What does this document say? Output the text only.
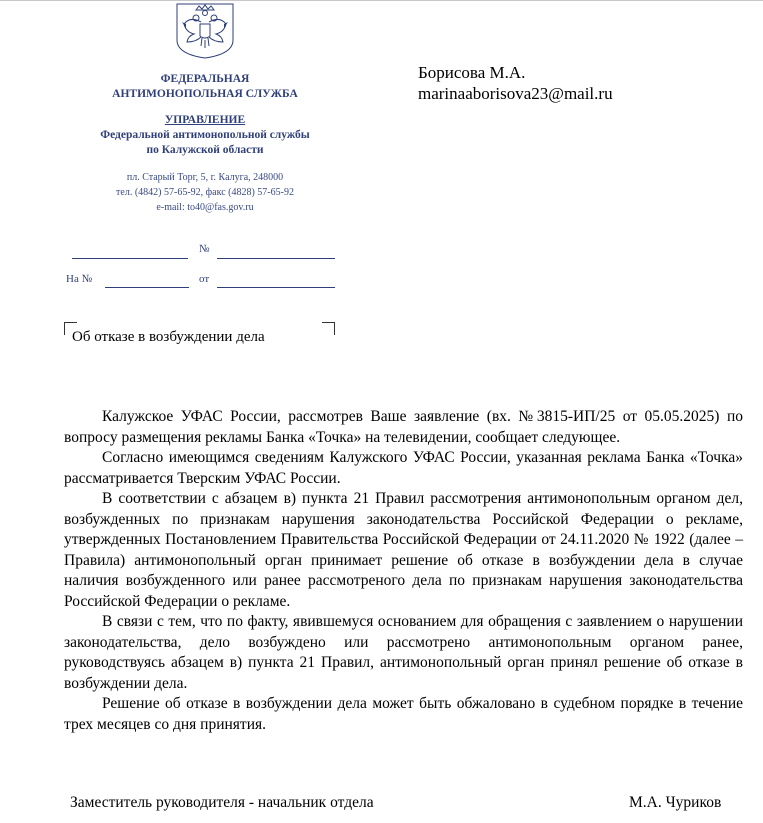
ФЕДЕРАЛЬНАЯ
АНТИМОНОПОЛЬНАЯ СЛУЖБА
УПРАВЛЕНИЕ
Федеральной антимонопольной службы
по Калужской области
пл. Старый Торг, 5, г. Калуга, 248000
тел. (4842) 57-65-92, факс (4828) 57-65-92
e-mail: to40@fas.gov.ru
Борисова М.А.
marinaaborisova23@mail.ru
№
На №	от
Об отказе в возбуждении дела

Калужское УФАС России, рассмотрев Ваше заявление (вх. №3815-ИП/25 от 05.05.2025) по вопросу размещения рекламы Банка «Точка» на телевидении, сообщает следующее.

Согласно имеющимся сведениям Калужского УФАС России, указанная реклама Банка «Точка»   рассматривается Тверским УФАС России.

В соответствии с абзацем в) пункта 21 Правил рассмотрения антимонопольным органом дел, возбужденных по признакам нарушения законодательства Российской Федерации о рекламе, утвержденных Постановлением Правительства Российской Федерации от 24.11.2020 № 1922 (далее – Правила) антимонопольный орган принимает решение об отказе в возбуждении дела в случае наличия возбужденного или ранее рассмотреного дела по признакам нарушения законодательства Российской Федерации о рекламе.

В связи с тем, что по факту, явившемуся основанием для обращения с заявлением о нарушении законодательства, дело возбуждено или рассмотрено антимонопольным органом ранее, руководствуясь абзацем в) пункта 21 Правил, антимонопольный орган принял решение об отказе в возбуждении дела.

Решение об отказе в возбуждении дела может быть обжаловано в судебном порядке в течение трех месяцев со дня принятия.

Заместитель руководителя - начальник отдела	М.А. Чуриков
